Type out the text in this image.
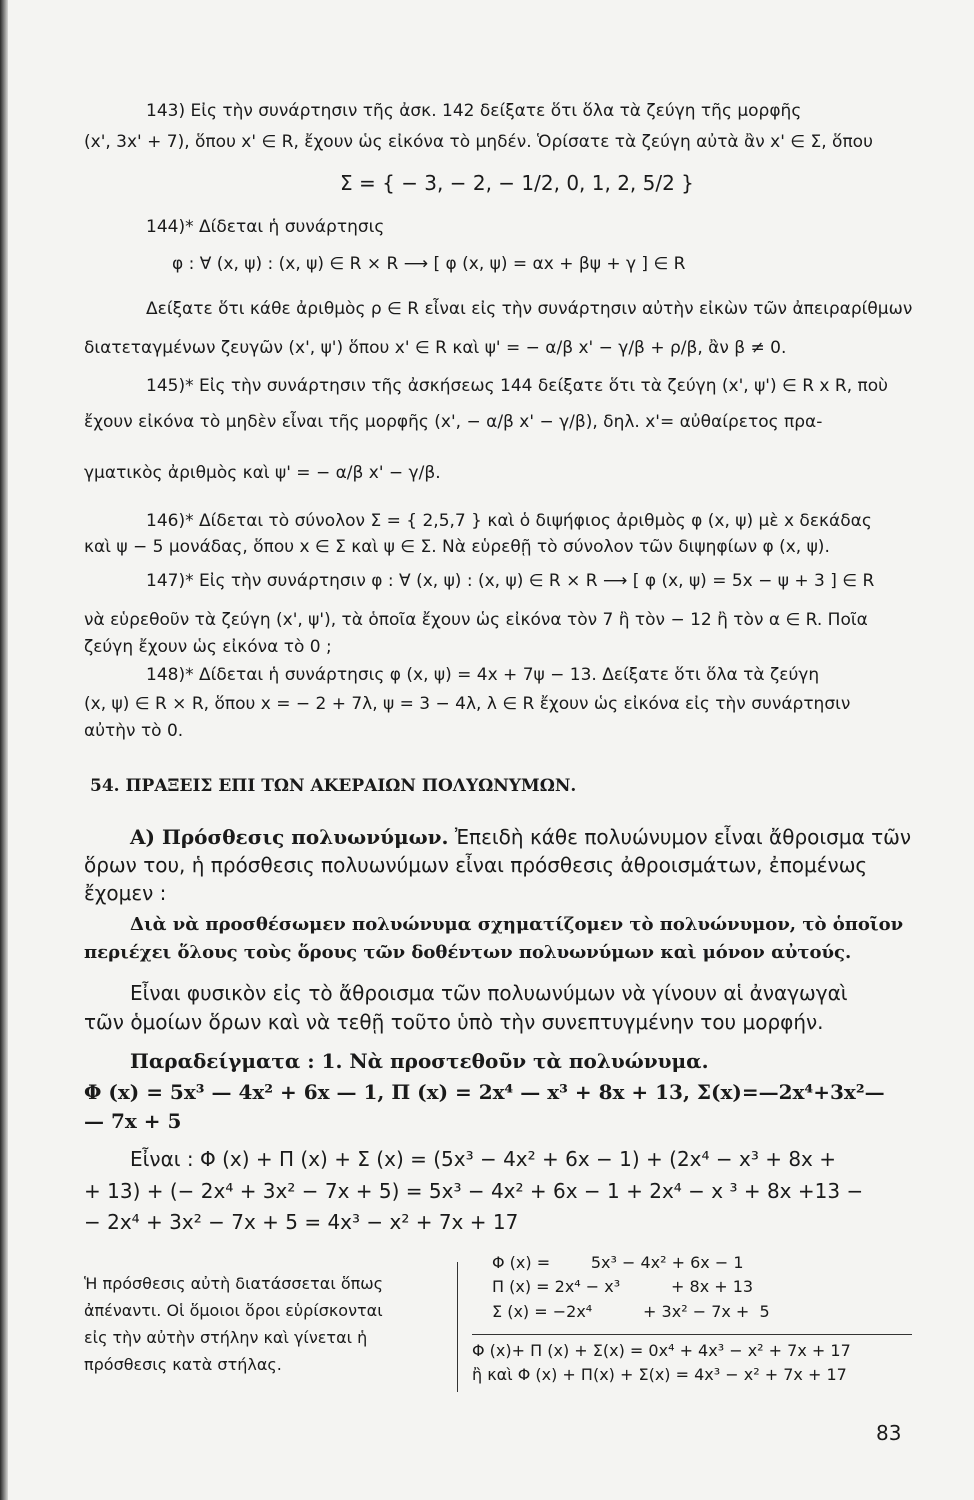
143) Εἰς τὴν συνάρτησιν τῆς ἀσκ. 142 δείξατε ὅτι ὅλα τὰ ζεύγη τῆς μορφῆς
(x', 3x' + 7), ὅπου x' ∈ R, ἔχουν ὡς εἰκόνα τὸ μηδέν. Ὁρίσατε τὰ ζεύγη αὐτὰ ἂν x' ∈ Σ, ὅπου
Σ = { − 3, − 2, − 1/2, 0, 1, 2, 5/2 }
144)* Δίδεται ἡ συνάρτησις
φ : ∀ (x, ψ) : (x, ψ) ∈ R × R ⟶ [ φ (x, ψ) = αx + βψ + γ ] ∈ R
Δείξατε ὅτι κάθε ἀριθμὸς ρ ∈ R εἶναι εἰς τὴν συνάρτησιν αὐτὴν εἰκὼν τῶν ἀπειραρίθμων
διατεταγμένων ζευγῶν (x', ψ') ὅπου x' ∈ R καὶ ψ' = − α/β x' − γ/β + ρ/β, ἂν β ≠ 0.
145)* Εἰς τὴν συνάρτησιν τῆς ἀσκήσεως 144 δείξατε ὅτι τὰ ζεύγη (x', ψ') ∈ R x R, ποὺ
ἔχουν εἰκόνα τὸ μηδὲν εἶναι τῆς μορφῆς (x', − α/β x' − γ/β), δηλ. x'= αὐθαίρετος πρα-
γματικὸς ἀριθμὸς καὶ ψ' = − α/β x' − γ/β.
146)* Δίδεται τὸ σύνολον Σ = { 2,5,7 } καὶ ὁ διψήφιος ἀριθμὸς φ (x, ψ) μὲ x δεκάδας
καὶ ψ − 5 μονάδας, ὅπου x ∈ Σ καὶ ψ ∈ Σ. Νὰ εὑρεθῇ τὸ σύνολον τῶν διψηφίων φ (x, ψ).
147)* Εἰς τὴν συνάρτησιν φ : ∀ (x, ψ) : (x, ψ) ∈ R × R ⟶ [ φ (x, ψ) = 5x − ψ + 3 ] ∈ R
νὰ εὑρεθοῦν τὰ ζεύγη (x', ψ'), τὰ ὁποῖα ἔχουν ὡς εἰκόνα τὸν 7 ἢ τὸν − 12 ἢ τὸν α ∈ R. Ποῖα
ζεύγη ἔχουν ὡς εἰκόνα τὸ 0 ;
148)* Δίδεται ἡ συνάρτησις φ (x, ψ) = 4x + 7ψ − 13. Δείξατε ὅτι ὅλα τὰ ζεύγη
(x, ψ) ∈ R × R, ὅπου x = − 2 + 7λ, ψ = 3 − 4λ, λ ∈ R ἔχουν ὡς εἰκόνα εἰς τὴν συνάρτησιν
αὐτὴν τὸ 0.
54. ΠΡΑΞΕΙΣ ΕΠΙ ΤΩΝ ΑΚΕΡΑΙΩΝ ΠΟΛΥΩΝΥΜΩΝ.
Α) Πρόσθεσις πολυωνύμων. Ἐπειδὴ κάθε πολυώνυμον εἶναι ἄθροισμα τῶν
ὅρων του, ἡ πρόσθεσις πολυωνύμων εἶναι πρόσθεσις ἀθροισμάτων, ἐπομένως
ἔχομεν :
Διὰ νὰ προσθέσωμεν πολυώνυμα σχηματίζομεν τὸ πολυώνυμον, τὸ ὁποῖον
περιέχει ὅλους τοὺς ὅρους τῶν δοθέντων πολυωνύμων καὶ μόνον αὐτούς.
Εἶναι φυσικὸν εἰς τὸ ἄθροισμα τῶν πολυωνύμων νὰ γίνουν αἱ ἀναγωγαὶ
τῶν ὁμοίων ὅρων καὶ νὰ τεθῇ τοῦτο ὑπὸ τὴν συνεπτυγμένην του μορφήν.
Παραδείγματα : 1. Νὰ προστεθοῦν τὰ πολυώνυμα.
Φ (x) = 5x³ — 4x² + 6x — 1, Π (x) = 2x⁴ — x³ + 8x + 13, Σ(x)=—2x⁴+3x²—
— 7x + 5
Εἶναι : Φ (x) + Π (x) + Σ (x) = (5x³ − 4x² + 6x − 1) + (2x⁴ − x³ + 8x +
+ 13) + (− 2x⁴ + 3x² − 7x + 5) = 5x³ − 4x² + 6x − 1 + 2x⁴ − x ³ + 8x +13 −
− 2x⁴ + 3x² − 7x + 5 = 4x³ − x² + 7x + 17
Ἡ πρόσθεσις αὐτὴ διατάσσεται ὅπως
ἀπέναντι. Οἱ ὅμοιοι ὅροι εὑρίσκονται
εἰς τὴν αὐτὴν στήλην καὶ γίνεται ἡ
πρόσθεσις κατὰ στήλας.
Φ (x) =        5x³ − 4x² + 6x − 1
Π (x) = 2x⁴ − x³          + 8x + 13
Σ (x) = −2x⁴          + 3x² − 7x +  5
Φ (x)+ Π (x) + Σ(x) = 0x⁴ + 4x³ − x² + 7x + 17
ἢ καὶ Φ (x) + Π(x) + Σ(x) = 4x³ − x² + 7x + 17
83
